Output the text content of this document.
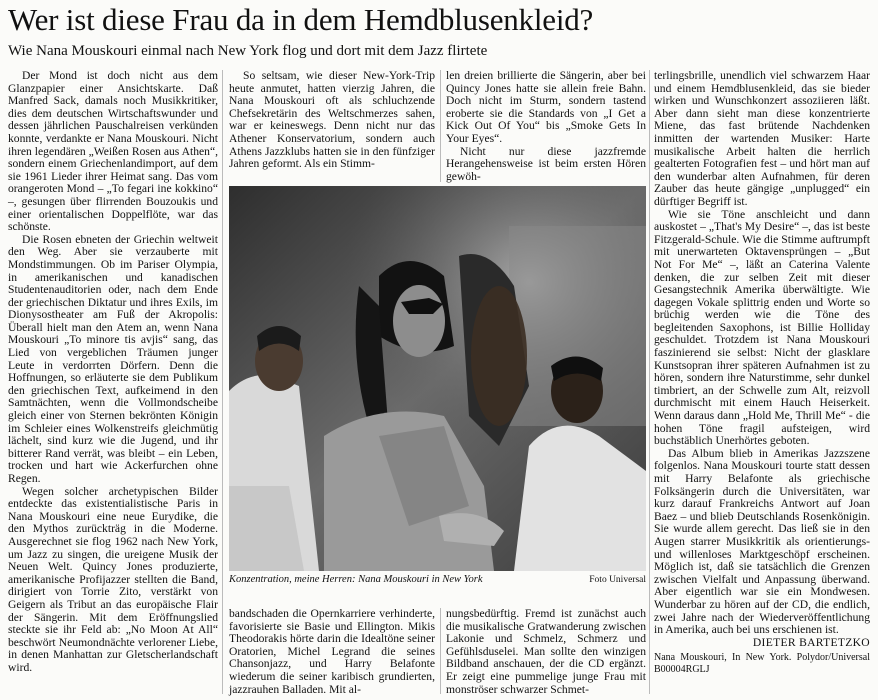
Wer ist diese Frau da in dem Hemdblusenkleid?
Wie Nana Mouskouri einmal nach New York flog und dort mit dem Jazz flirtete

Der Mond ist doch nicht aus dem Glanzpapier einer Ansichtskarte. Daß Manfred Sack, damals noch Musikkritiker, dies dem deutschen Wirtschaftswunder und dessen jährlichen Pauschalreisen verkünden konnte, verdankte er Nana Mouskouri. Nicht ihren legendären „Weißen Rosen aus Athen“, sondern einem Griechenlandimport, auf dem sie 1961 Lieder ihrer Heimat sang. Das vom orangeroten Mond – „To fegari ine kokkino“ –, gesungen über flirrenden Bouzoukis und einer orientalischen Doppelflöte, war das schönste.

Die Rosen ebneten der Griechin weltweit den Weg. Aber sie verzauberte mit Mondstimmungen. Ob im Pariser Olympia, in amerikanischen und kanadischen Studentenauditorien oder, nach dem Ende der griechischen Diktatur und ihres Exils, im Dionysostheater am Fuß der Akropolis: Überall hielt man den Atem an, wenn Nana Mouskouri „To minore tis avjis“ sang, das Lied von vergeblichen Träumen junger Leute in verdorrten Dörfern. Denn die Hoffnungen, so erläuterte sie dem Publikum den griechischen Text, aufkeimend in den Samtnächten, wenn die Vollmondscheibe gleich einer von Sternen bekrönten Königin im Schleier eines Wolkenstreifs gleichmütig lächelt, sind kurz wie die Jugend, und ihr bitterer Rand verrät, was bleibt – ein Leben, trocken und hart wie Ackerfurchen ohne Regen.

Wegen solcher archetypischen Bilder entdeckte das existentialistische Paris in Nana Mouskouri eine neue Eurydike, die den Mythos zurückträg in die Moderne. Ausgerechnet sie flog 1962 nach New York, um Jazz zu singen, die ureigene Musik der Neuen Welt. Quincy Jones produzierte, amerikanische Profijazzer stellten die Band, dirigiert von Torrie Zito, verstärkt von Geigern als Tribut an das europäische Flair der Sängerin. Mit dem Eröffnungslied steckte sie ihr Feld ab: „No Moon At All“ beschwört Neumondnächte verlorener Liebe, in denen Manhattan zur Gletscherlandschaft wird.

So seltsam, wie dieser New-York-Trip heute anmutet, hatten vierzig Jahren, die Nana Mouskouri oft als schluchzende Chefsekretärin des Weltschmerzes sahen, war er keineswegs. Denn nicht nur das Athener Konservatorium, sondern auch Athens Jazzklubs hatten sie in den fünfziger Jahren geformt. Als ein Stimm-

len dreien brillierte die Sängerin, aber bei Quincy Jones hatte sie allein freie Bahn. Doch nicht im Sturm, sondern tastend eroberte sie die Standards von „I Get a Kick Out Of You“ bis „Smoke Gets In Your Eyes“.

Nicht nur diese jazzfremde Herangehensweise ist beim ersten Hören gewöh-

Konzentration, meine Herren: Nana Mouskouri in New York	Foto Universal

bandschaden die Opernkarriere verhinderte, favorisierte sie Basie und Ellington. Mikis Theodorakis hörte darin die Idealtöne seiner Oratorien, Michel Legrand die seines Chansonjazz, und Harry Belafonte wiederum die seiner karibisch grundierten, jazzrauhen Balladen. Mit al-

nungsbedürftig. Fremd ist zunächst auch die musikalische Gratwanderung zwischen Lakonie und Schmelz, Schmerz und Gefühlsduselei. Man sollte den winzigen Bildband anschauen, der die CD ergänzt. Er zeigt eine pummelige junge Frau mit monströser schwarzer Schmet-

terlingsbrille, unendlich viel schwarzem Haar und einem Hemdblusenkleid, das sie bieder wirken und Wunschkonzert assoziieren läßt. Aber dann sieht man diese konzentrierte Miene, das fast brütende Nachdenken inmitten der wartenden Musiker: Harte musikalische Arbeit halten die herrlich gealterten Fotografien fest – und hört man auf den wunderbar alten Aufnahmen, für deren Zauber das heute gängige „unplugged“ ein dürftiger Begriff ist.

Wie sie Töne anschleicht und dann auskostet – „That's My Desire“ –, das ist beste Fitzgerald-Schule. Wie die Stimme auftrumpft mit unerwarteten Oktavensprüngen – „But Not For Me“ –, läßt an Caterina Valente denken, die zur selben Zeit mit dieser Gesangstechnik Amerika überwältigte. Wie dagegen Vokale splittrig enden und Worte so brüchig werden wie die Töne des begleitenden Saxophons, ist Billie Holliday geschuldet. Trotzdem ist Nana Mouskouri faszinierend sie selbst: Nicht der glasklare Kunstsopran ihrer späteren Aufnahmen ist zu hören, sondern ihre Naturstimme, sehr dunkel timbriert, an der Schwelle zum Alt, reizvoll durchmischt mit einem Hauch Heiserkeit. Wenn daraus dann „Hold Me, Thrill Me“ - die hohen Töne fragil aufsteigen, wird buchstäblich Unerhörtes geboten.

Das Album blieb in Amerikas Jazzszene folgenlos. Nana Mouskouri tourte statt dessen mit Harry Belafonte als griechische Folksängerin durch die Universitäten, war kurz darauf Frankreichs Antwort auf Joan Baez – und blieb Deutschlands Rosenkönigin. Sie wurde allem gerecht. Das ließ sie in den Augen starrer Musikkritik als orientierungs- und willenloses Marktgeschöpf erscheinen. Möglich ist, daß sie tatsächlich die Grenzen zwischen Vielfalt und Anpassung überwand. Aber eigentlich war sie ein Mondwesen. Wunderbar zu hören auf der CD, die endlich, zwei Jahre nach der Wiederveröffentlichung in Amerika, auch bei uns erschienen ist.

DIETER BARTETZKO

Nana Mouskouri, In New York. Polydor/Universal B00004RGLJ
